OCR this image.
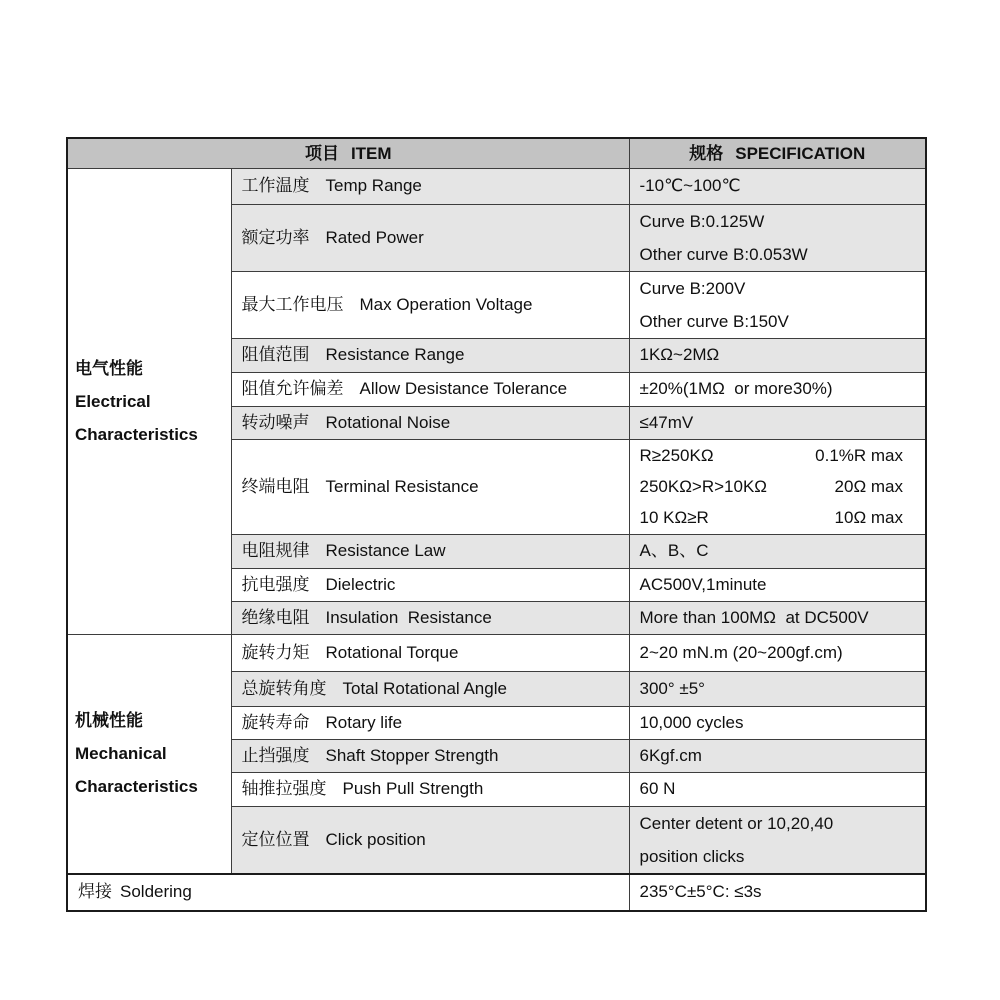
项目 ITEM		规格 SPECIFICATION

电气性能
Electrical
Characteristics	工作温度 Temp Range	-10℃~100℃
	额定功率 Rated Power	Curve B:0.125W
Other curve B:0.053W

	最大工作电压 Max Operation Voltage	Curve B:200V
Other curve B:150V

	阻值范围 Resistance Range	1KΩ~2MΩ
	阻值允许偏差 Allow Desistance Tolerance	±20%(1MΩ  or more30%)
	转动噪声 Rotational Noise	≤47mV
终端电阻 Terminal Resistance	
R≥250KΩ	0.1%R max
250KΩ>R>10KΩ	20Ω max
10 KΩ≥R	10Ω max

	电阻规律 Resistance Law	A、B、C
	抗电强度 Dielectric	AC500V,1minute
	绝缘电阻 Insulation  Resistance	More than 100MΩ  at DC500V

机械性能
Mechanical
Characteristics	旋转力矩 Rotational Torque	2~20 mN.m (20~200gf.cm)
	总旋转角度 Total Rotational Angle	300° ±5°
	旋转寿命 Rotary life	10,000 cycles
	止挡强度 Shaft Stopper Strength	6Kgf.cm
	轴推拉强度 Push Pull Strength	60 N
	定位位置 Click position	Center detent or 10,20,40
position clicks

焊接 Soldering		235°C±5°C: ≤3s
